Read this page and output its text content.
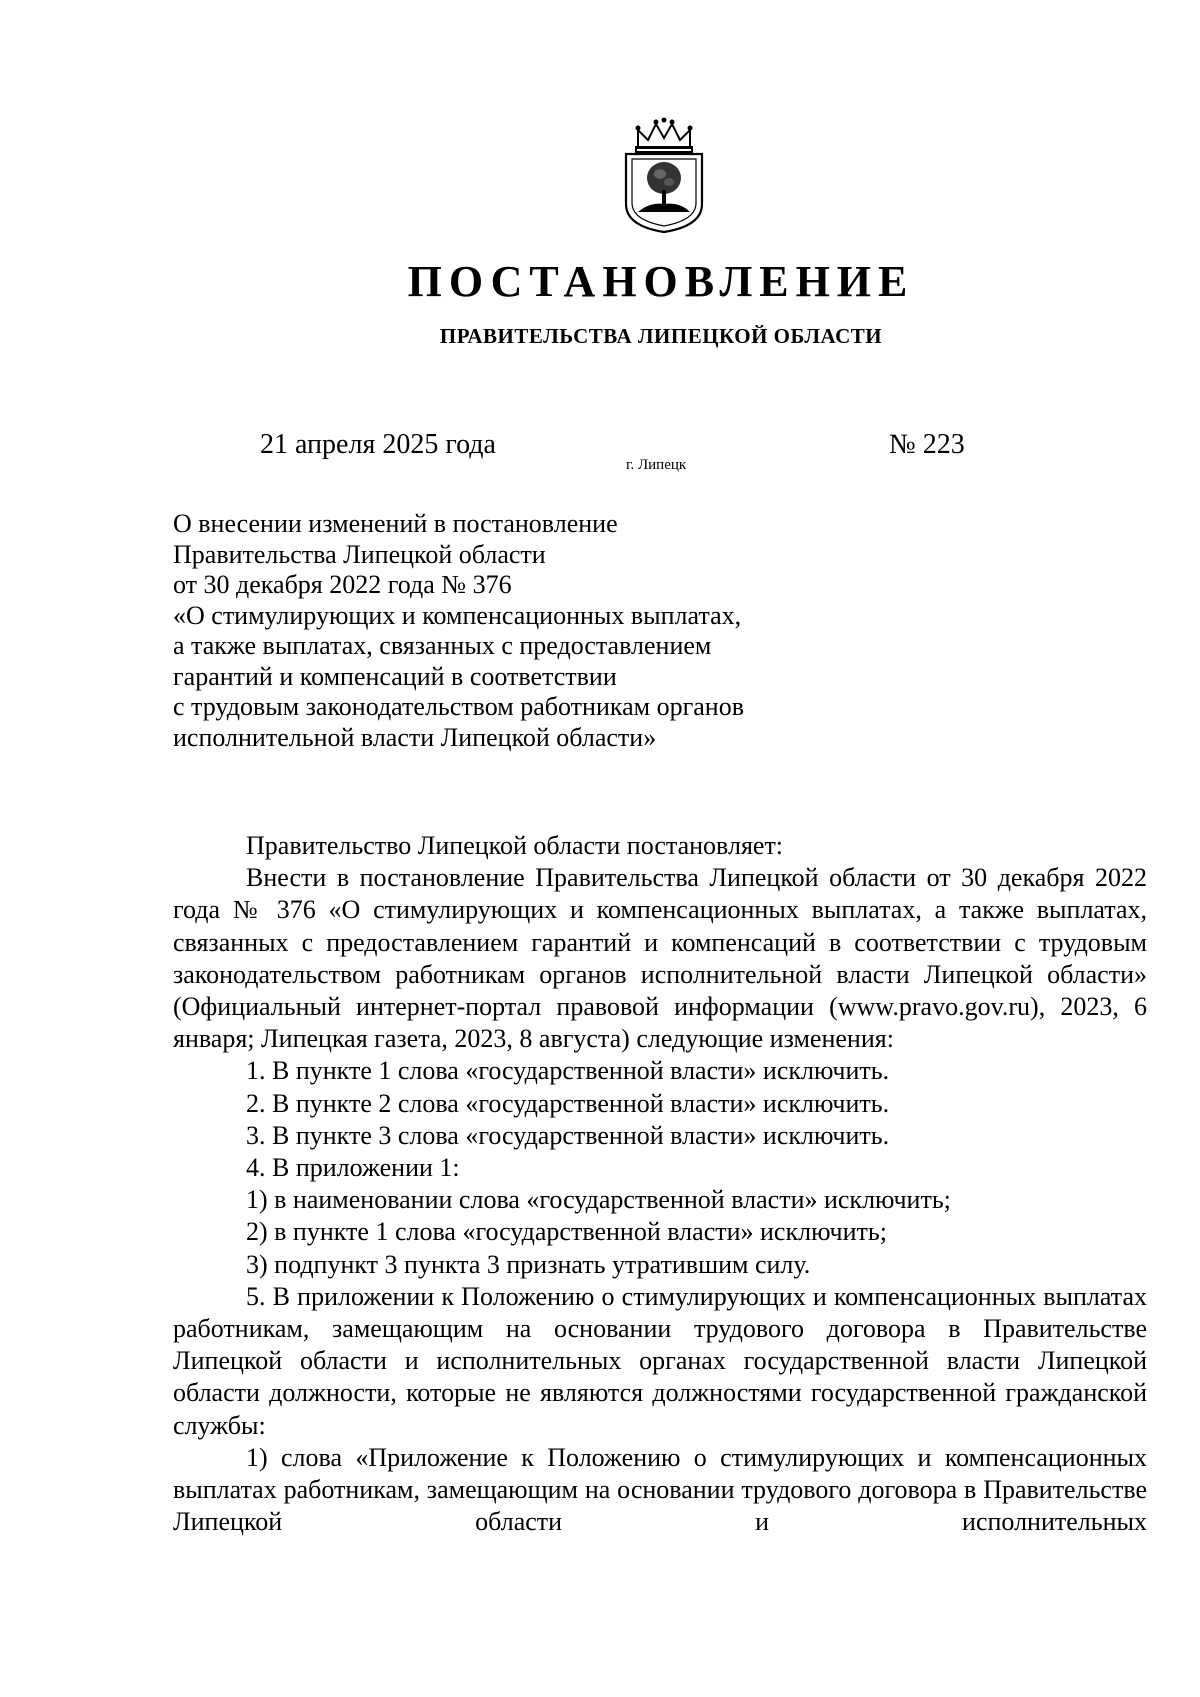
ПОСТАНОВЛЕНИЕ
ПРАВИТЕЛЬСТВА ЛИПЕЦКОЙ ОБЛАСТИ
21 апреля 2025 года
г. Липецк
№ 223
О внесении изменений в постановление
Правительства Липецкой области
от 30 декабря 2022 года № 376
«О стимулирующих и компенсационных выплатах,
а также выплатах, связанных с предоставлением
гарантий и компенсаций в соответствии
с трудовым законодательством работникам органов
исполнительной власти Липецкой области»

Правительство Липецкой области постановляет:

Внести в постановление Правительства Липецкой области от 30 декабря 2022 года № 376 «О стимулирующих и компенсационных выплатах, а также выплатах, связанных с предоставлением гарантий и компенсаций в соответствии с трудовым законодательством работникам органов исполнительной власти Липецкой области» (Официальный интернет-портал правовой информации (www.pravo.gov.ru), 2023, 6 января; Липецкая газета, 2023, 8 августа) следующие изменения:

1. В пункте 1 слова «государственной власти» исключить.

2. В пункте 2 слова «государственной власти» исключить.

3. В пункте 3 слова «государственной власти» исключить.

4. В приложении 1:

1) в наименовании слова «государственной власти» исключить;

2) в пункте 1 слова «государственной власти» исключить;

3) подпункт 3 пункта 3 признать утратившим силу.

5. В приложении к Положению о стимулирующих и компенсационных выплатах работникам, замещающим на основании трудового договора в Правительстве Липецкой области и исполнительных органах государственной власти Липецкой области должности, которые не являются должностями государственной гражданской службы:

1) слова «Приложение к Положению о стимулирующих и компенсационных выплатах работникам, замещающим на основании трудового договора в Правительстве Липецкой области и исполнительных
